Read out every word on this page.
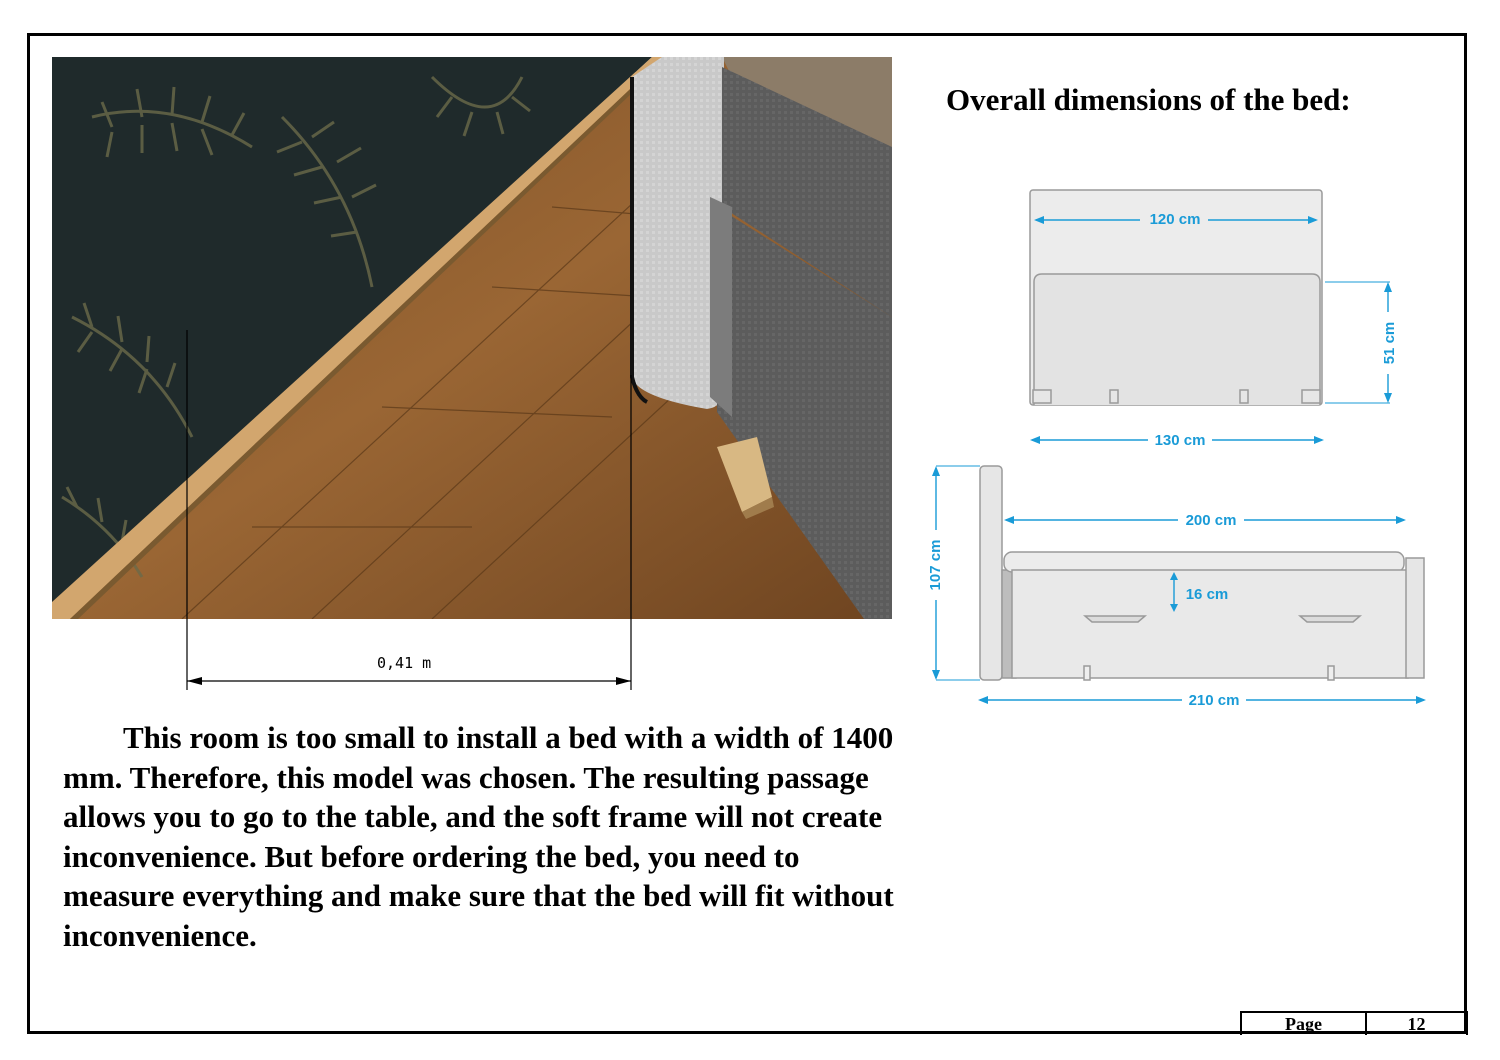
0,41 m
Overall dimensions of the bed:
120 cm
130 cm
51 cm
200 cm
210 cm
16 cm
107 cm
This room is too small to install a bed with a width of 1400 mm. Therefore, this model was chosen. The resulting passage allows you to go to the table, and the soft frame will not create inconvenience. But before ordering the bed, you need to measure everything and make sure that the bed will fit without inconvenience.
Page	12
